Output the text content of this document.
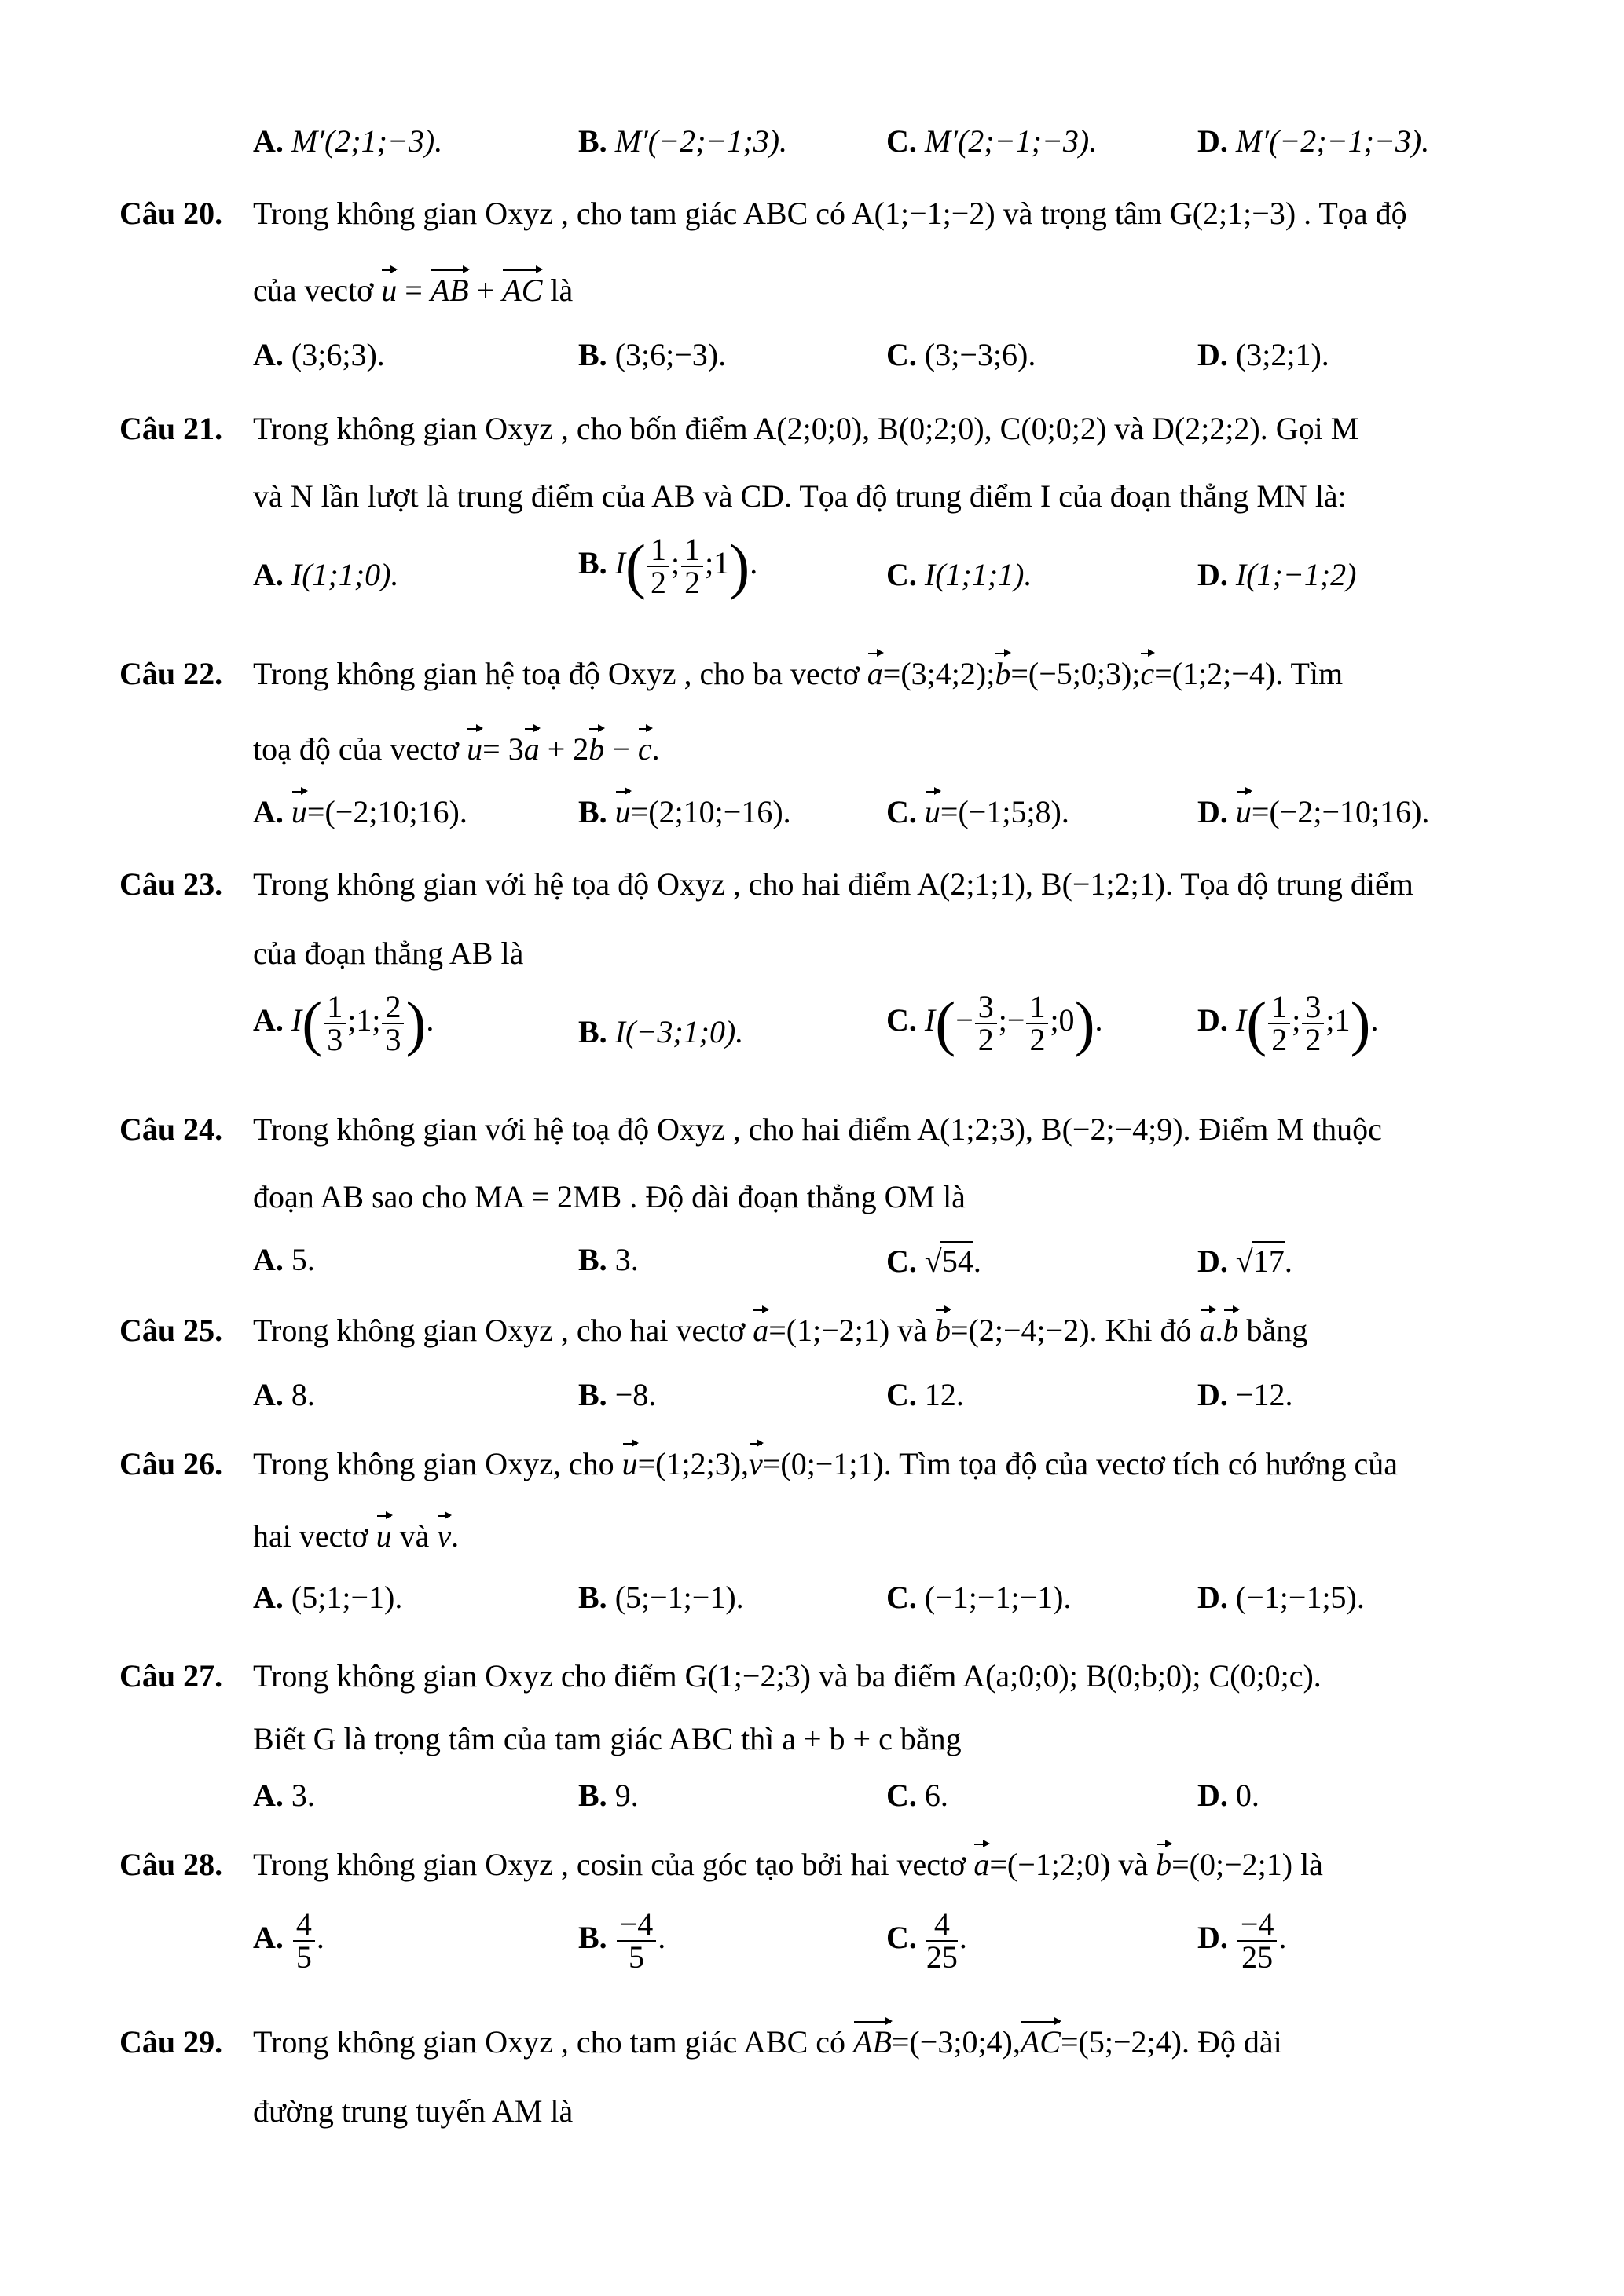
A. M′(2;1;−3).	B. M′(−2;−1;3).	C. M′(2;−1;−3).	D. M′(−2;−1;−3).
Câu 20. Trong không gian Oxyz , cho tam giác ABC có A(1;−1;−2) và trọng tâm G(2;1;−3) . Tọa độ
của vectơ u = AB + AC là
A. (3;6;3).	B. (3;6;−3).	C. (3;−3;6).	D. (3;2;1).
Câu 21. Trong không gian Oxyz , cho bốn điểm A(2;0;0), B(0;2;0), C(0;0;2) và D(2;2;2). Gọi M
và N lần lượt là trung điểm của AB và CD. Tọa độ trung điểm I của đoạn thẳng MN là:
A. I(1;1;0).	B. $I( \frac{1}{2}$ ; $\frac{1}{2}$ ;1).	C. I(1;1;1).	D. I(1;−1;2)
Câu 22. Trong không gian hệ toạ độ Oxyz , cho ba vectơ a=(3;4;2);b=(−5;0;3);c=(1;2;−4). Tìm
toạ độ của vectơ u= 3a + 2b − c.
A. u=(−2;10;16).	B. u=(2;10;−16).	C. u=(−1;5;8).	D. u=(−2;−10;16).
Câu 23. Trong không gian với hệ tọa độ Oxyz , cho hai điểm A(2;1;1), B(−1;2;1). Tọa độ trung điểm
của đoạn thẳng AB là
A. $I( \frac{1}{3}$ ;1; $\frac{2}{3}$ ).	B. I(−3;1;0).	C. $I(- \frac{3}{2}$ ;− $\frac{1}{2}$ ;0).	D. $I( \frac{1}{2}$ ; $\frac{3}{2}$ ;1).
Câu 24. Trong không gian với hệ toạ độ Oxyz , cho hai điểm A(1;2;3), B(−2;−4;9). Điểm M thuộc
đoạn AB sao cho MA = 2MB . Độ dài đoạn thẳng OM là
A. 5.	B. 3.	C. √54.	D. √17.
Câu 25. Trong không gian Oxyz , cho hai vectơ a=(1;−2;1) và b=(2;−4;−2). Khi đó a.b bằng
A. 8.	B. −8.	C. 12.	D. −12.
Câu 26. Trong không gian Oxyz, cho u=(1;2;3),v=(0;−1;1). Tìm tọa độ của vectơ tích có hướng của
hai vectơ u và v.
A. (5;1;−1).	B. (5;−1;−1).	C. (−1;−1;−1).	D. (−1;−1;5).
Câu 27. Trong không gian Oxyz cho điểm G(1;−2;3) và ba điểm A(a;0;0); B(0;b;0); C(0;0;c).
Biết G là trọng tâm của tam giác ABC thì a + b + c bằng
A. 3.	B. 9.	C. 6.	D. 0.
Câu 28. Trong không gian Oxyz , cosin của góc tạo bởi hai vectơ a=(−1;2;0) và b=(0;−2;1) là
A. $\frac{4}{5}$ .	B. $\frac{-4}{5}$ .	C. $\frac{4}{25}$ .	D. $\frac{-4}{25}$ .
Câu 29. Trong không gian Oxyz , cho tam giác ABC có AB=(−3;0;4),AC=(5;−2;4). Độ dài
đường trung tuyến AM là
